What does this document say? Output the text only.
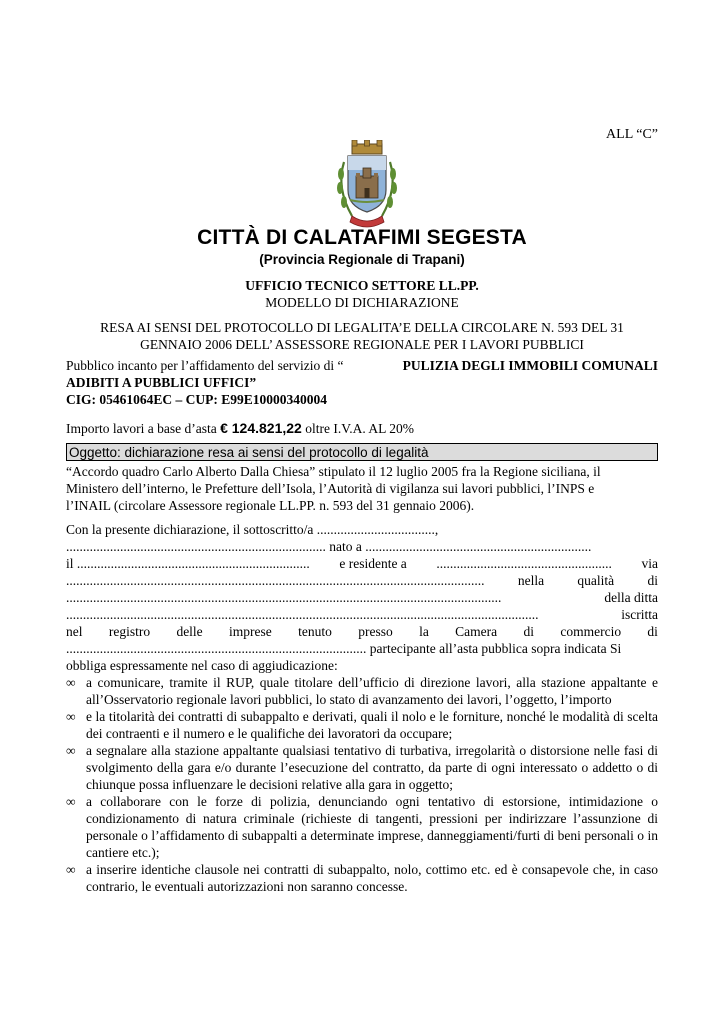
ALL “C”
CITTÀ DI CALATAFIMI SEGESTA
(Provincia Regionale di Trapani)
UFFICIO TECNICO SETTORE LL.PP.
MODELLO DI DICHIARAZIONE
RESA AI SENSI DEL PROTOCOLLO DI LEGALITA’E DELLA CIRCOLARE N. 593 DEL 31
GENNAIO 2006 DELL’ ASSESSORE REGIONALE PER I LAVORI PUBBLICI
Pubblico incanto per l’affidamento del servizio di “	PULIZIA DEGLI IMMOBILI COMUNALI
ADIBITI A PUBBLICI UFFICI”
CIG: 05461064EC – CUP: E99E10000340004
Importo lavori a base d’asta € 124.821,22 oltre I.V.A. AL 20%
Oggetto: dichiarazione resa ai sensi del protocollo di legalità
“Accordo quadro Carlo Alberto Dalla Chiesa” stipulato il 12 luglio 2005 fra la Regione siciliana, il
Ministero dell’interno, le Prefetture dell’Isola, l’Autorità di vigilanza sui lavori pubblici, l’INPS e
l’INAIL (circolare Assessore regionale LL.PP. n. 593 del 31 gennaio 2006).
Con la presente dichiarazione, il sottoscritto/a ...................................,
............................................................................. nato a ...................................................................
il ..................................................................... e residente a .................................................... via
............................................................................................................................ nella qualità di
.................................................................................................................................	della ditta
............................................................................................................................................	iscritta
nel registro delle imprese tenuto presso la Camera di commercio di
......................................................................................... partecipante all’asta pubblica sopra indicata Si
obbliga espressamente nel caso di aggiudicazione:
∞ a comunicare, tramite il RUP, quale titolare dell’ufficio di direzione lavori, alla stazione appaltante e all’Osservatorio regionale lavori pubblici, lo stato di avanzamento dei lavori, l’oggetto, l’importo
∞ e la titolarità dei contratti di subappalto e derivati, quali il nolo e le forniture, nonché le modalità di scelta dei contraenti e il numero e le qualifiche dei lavoratori da occupare;
∞ a segnalare alla stazione appaltante qualsiasi tentativo di turbativa, irregolarità o distorsione nelle fasi di svolgimento della gara e/o durante l’esecuzione del contratto, da parte di ogni interessato o addetto o di chiunque possa influenzare le decisioni relative alla gara in oggetto;
∞ a collaborare con le forze di polizia, denunciando ogni tentativo di estorsione, intimidazione o condizionamento di natura criminale (richieste di tangenti, pressioni per indirizzare l’assunzione di personale o l’affidamento di subappalti a determinate imprese, danneggiamenti/furti di beni personali o in cantiere etc.);
∞ a inserire identiche clausole nei contratti di subappalto, nolo, cottimo etc. ed è consapevole che, in caso contrario, le eventuali autorizzazioni non saranno concesse.
